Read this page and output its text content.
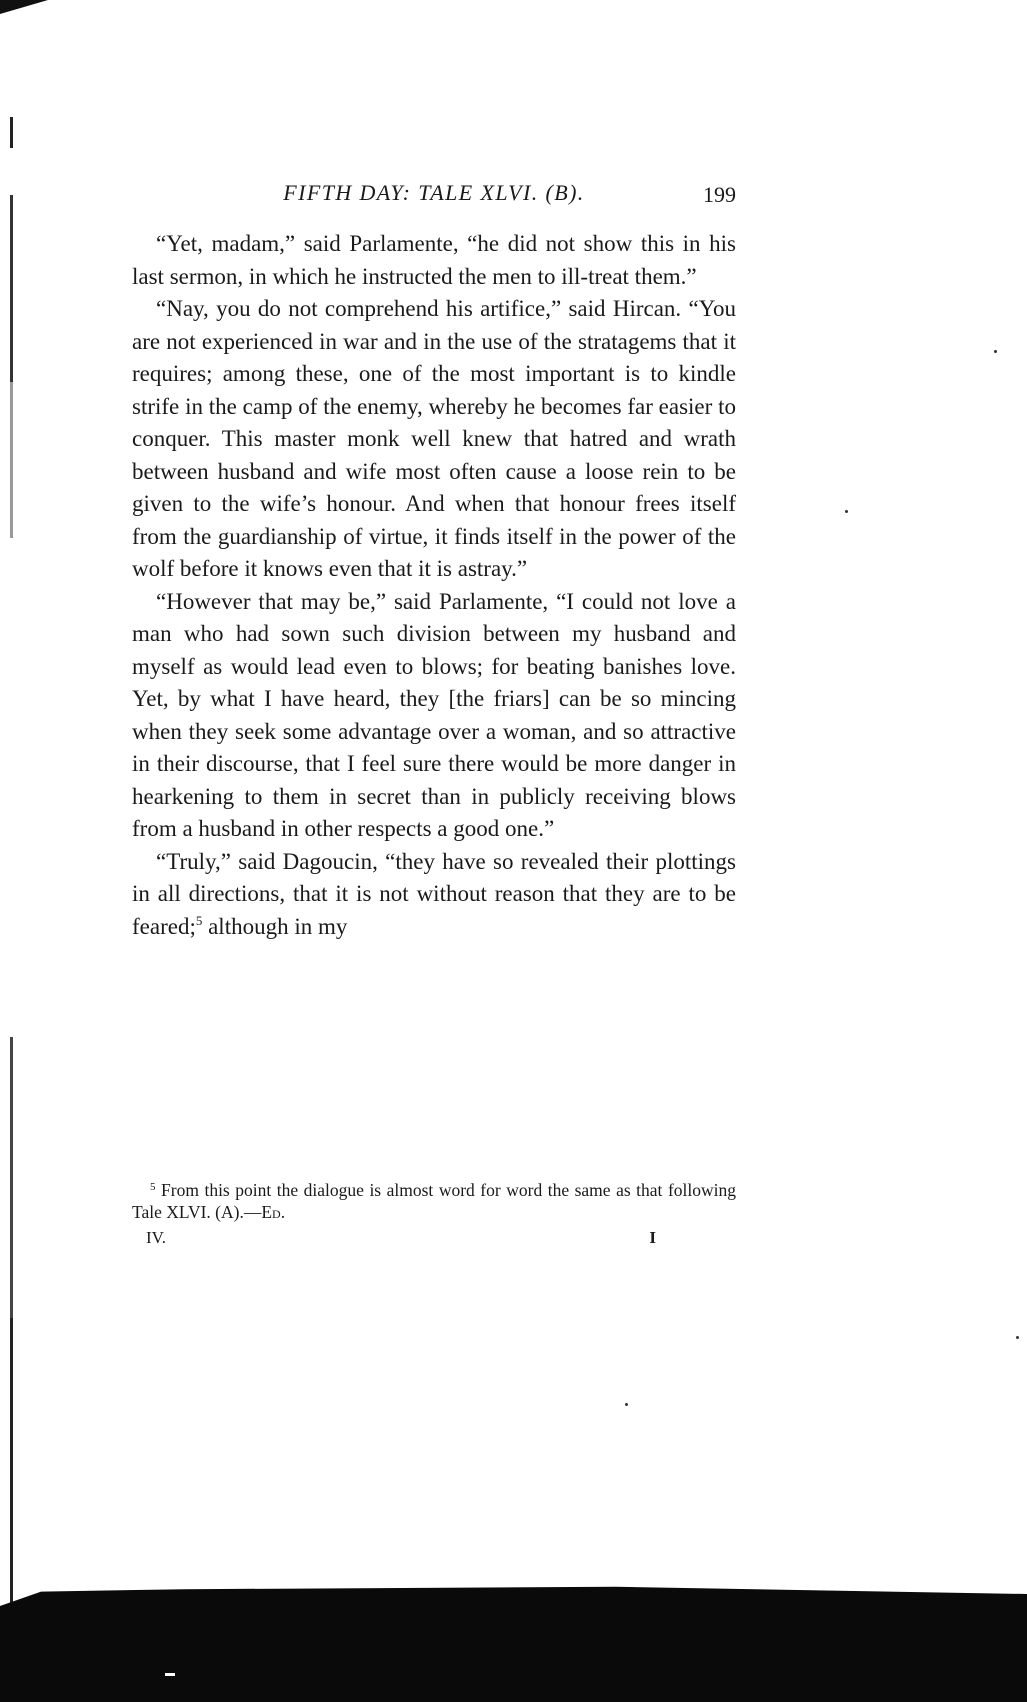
FIFTH DAY: TALE XLVI. (B).	199

“Yet, madam,” said Parlamente, “he did not show this in his last sermon, in which he instructed the men to ill-treat them.”

“Nay, you do not comprehend his artifice,” said Hircan. “You are not experienced in war and in the use of the stratagems that it requires; among these, one of the most important is to kindle strife in the camp of the enemy, whereby he becomes far easier to conquer. This master monk well knew that hatred and wrath between husband and wife most often cause a loose rein to be given to the wife’s honour. And when that honour frees itself from the guardianship of virtue, it finds itself in the power of the wolf before it knows even that it is astray.”

“However that may be,” said Parlamente, “I could not love a man who had sown such division between my husband and myself as would lead even to blows; for beating banishes love. Yet, by what I have heard, they [the friars] can be so mincing when they seek some advantage over a woman, and so attractive in their discourse, that I feel sure there would be more danger in hearkening to them in secret than in publicly receiving blows from a husband in other respects a good one.”

“Truly,” said Dagoucin, “they have so revealed their plottings in all directions, that it is not without reason that they are to be feared;$^5$ although in my

$^5$ From this point the dialogue is almost word for word the same as that following Tale XLVI. (A).—Ed.
IV.	I
